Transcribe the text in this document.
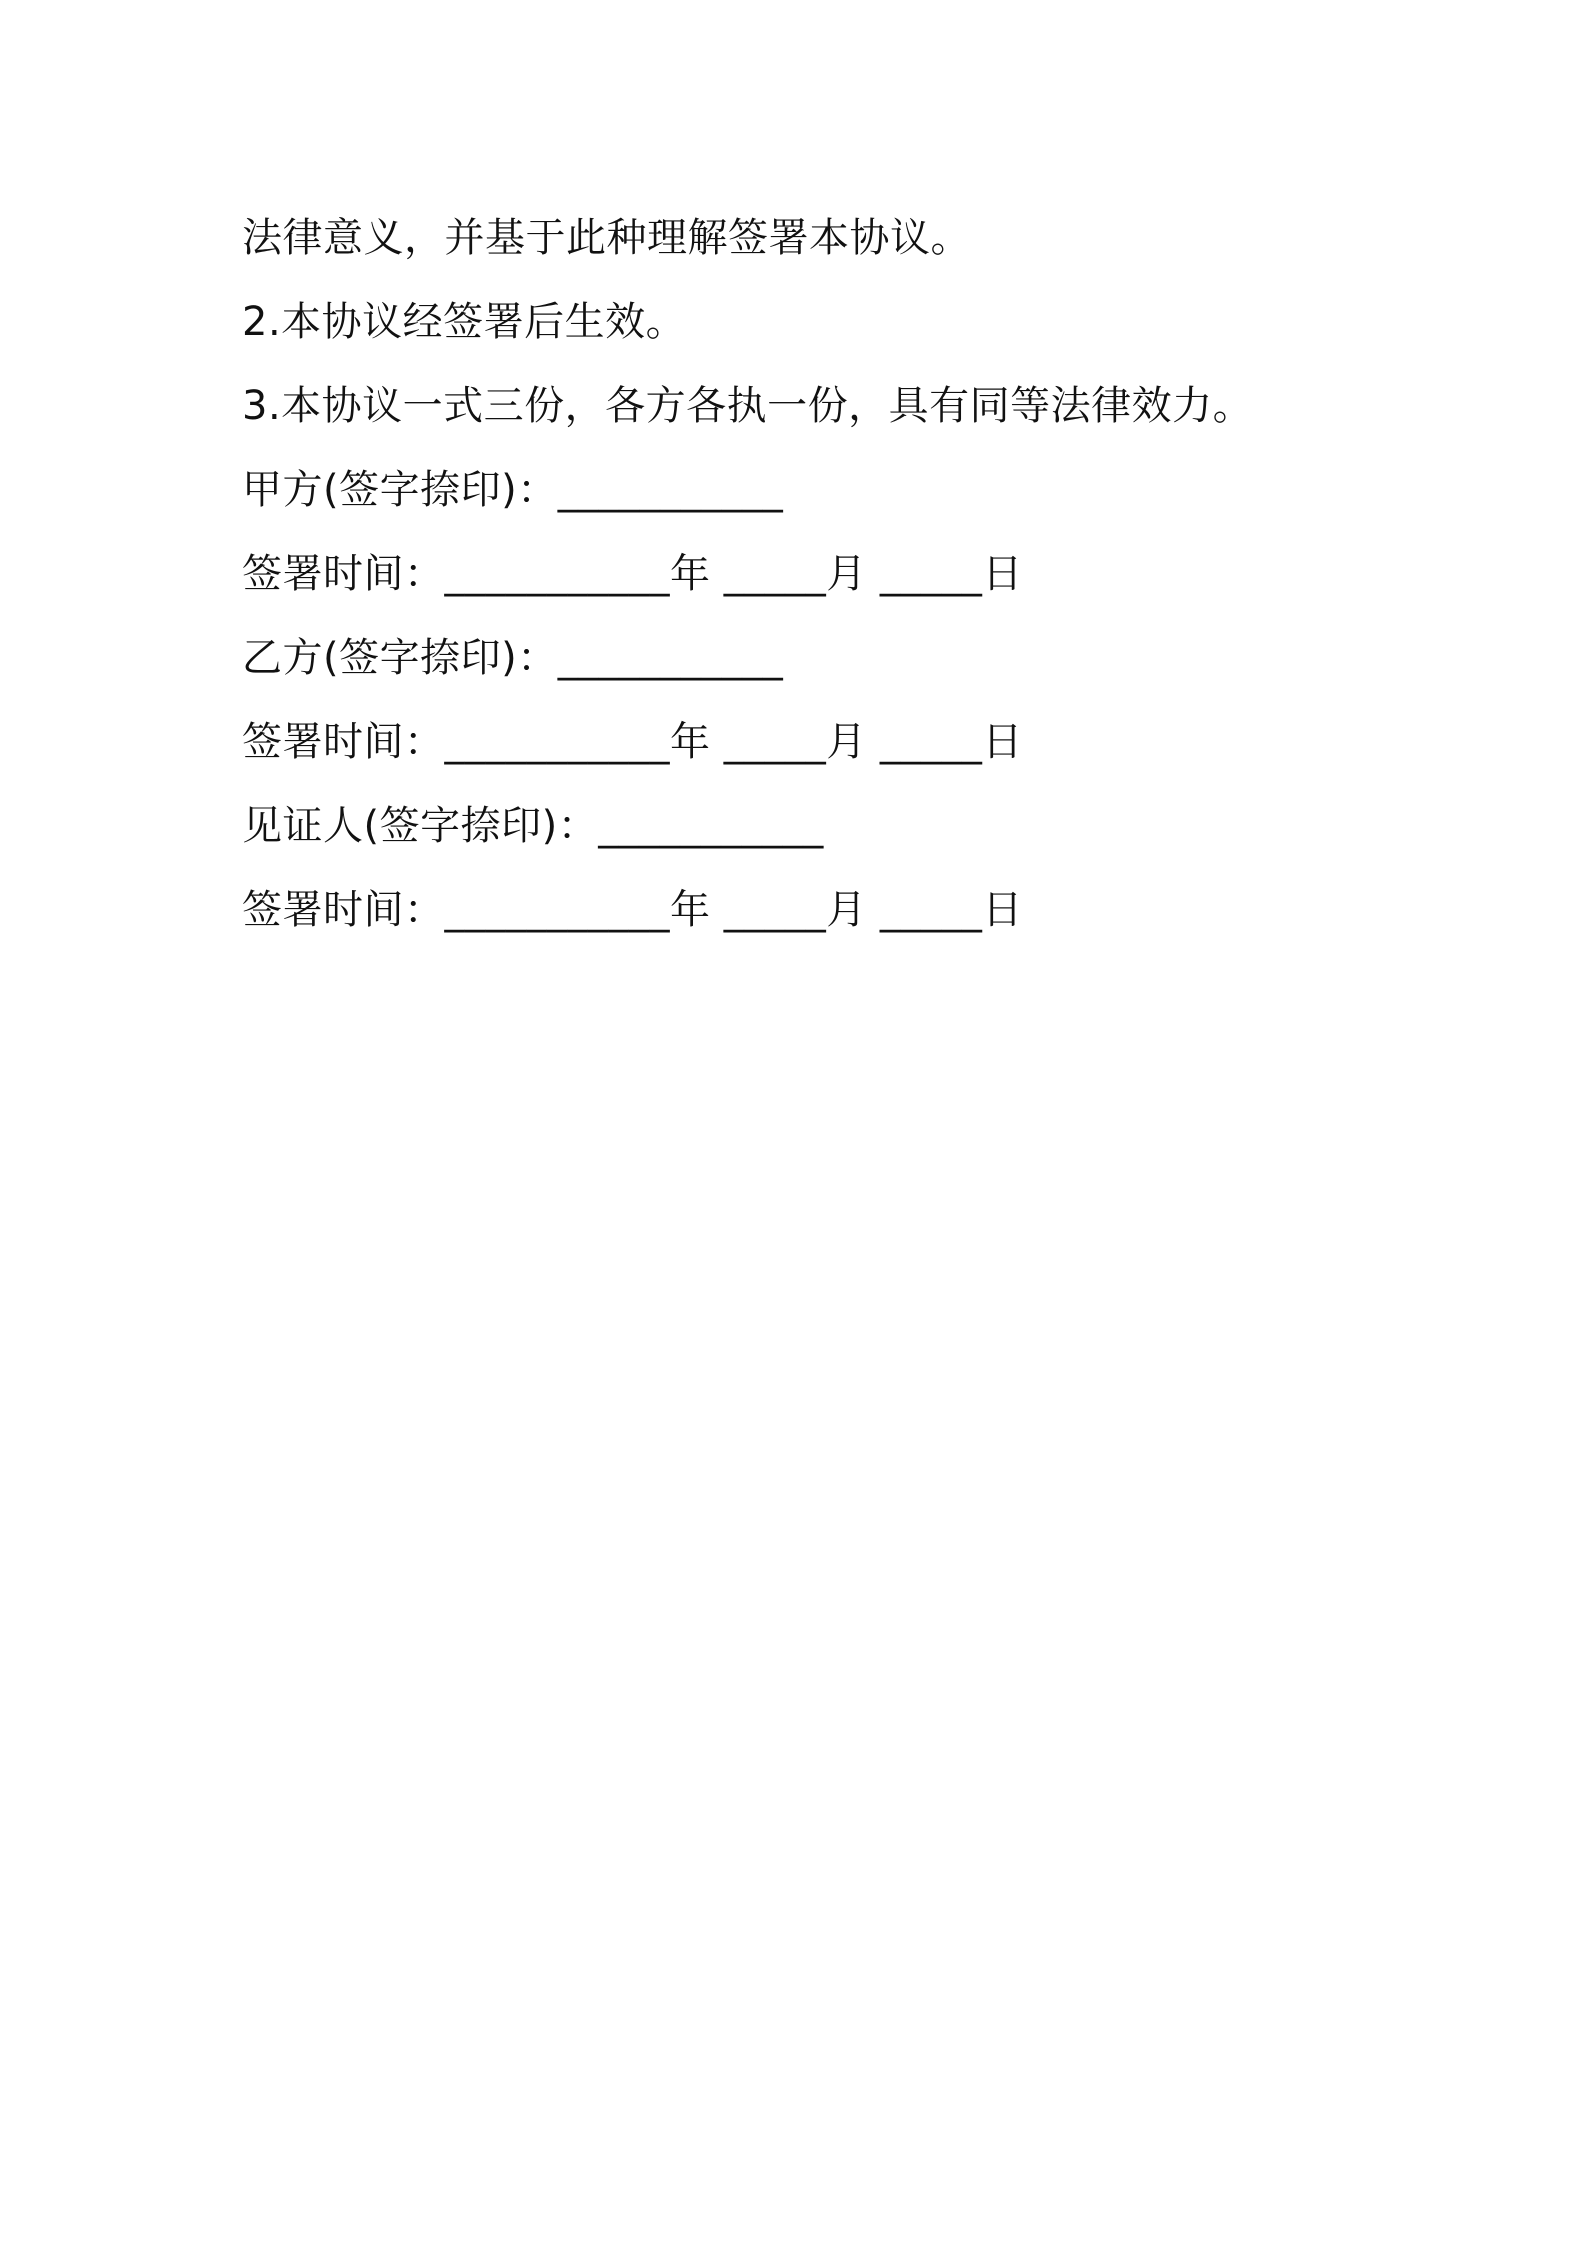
法律意义，并基于此种理解签署本协议。
2.本协议经签署后生效。
3.本协议一式三份，各方各执一份，具有同等法律效力。
甲方(签字捺印)：___________
签署时间：___________年 _____月 _____日
乙方(签字捺印)：___________
签署时间：___________年 _____月 _____日
见证人(签字捺印)：___________
签署时间：___________年 _____月 _____日
